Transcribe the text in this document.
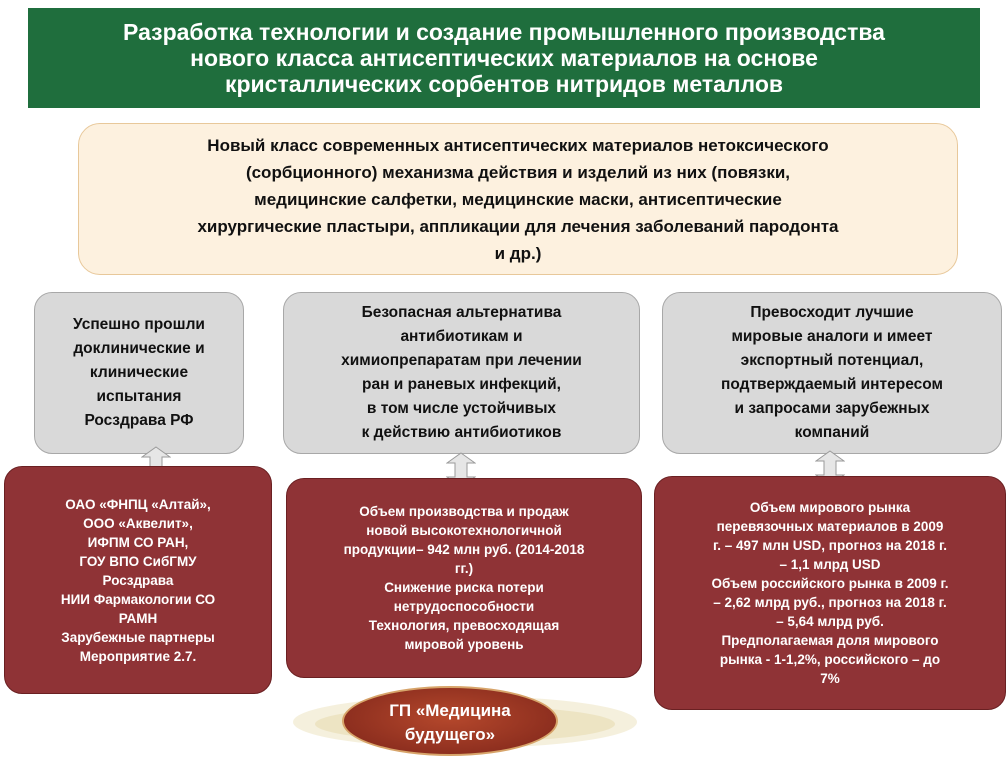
Разработка технологии и создание промышленного производства
нового класса антисептических материалов на основе
кристаллических сорбентов нитридов металлов
Новый класс современных антисептических материалов нетоксического
(сорбционного) механизма действия и изделий из них (повязки,
медицинские салфетки, медицинские маски, антисептические
хирургические пластыри, аппликации для лечения заболеваний пародонта
и др.)
Успешно прошли
доклинические и
клинические
испытания
Росздрава РФ
Безопасная альтернатива
антибиотикам и
химиопрепаратам при лечении
ран и раневых инфекций,
в том числе устойчивых
к действию антибиотиков
Превосходит лучшие
мировые аналоги и имеет
экспортный потенциал,
подтверждаемый интересом
и запросами зарубежных
компаний
ОАО «ФНПЦ «Алтай»,
ООО «Аквелит»,
ИФПМ СО РАН,
ГОУ ВПО СибГМУ
Росздрава
НИИ Фармакологии СО
РАМН
Зарубежные партнеры
Мероприятие 2.7.
Объем производства и продаж
новой высокотехнологичной
продукции– 942 млн руб. (2014-2018
гг.)
Снижение риска потери
нетрудоспособности
Технология, превосходящая
мировой уровень
Объем мирового рынка
перевязочных материалов в 2009
г. – 497 млн USD, прогноз на 2018 г.
– 1,1 млрд USD
Объем российского рынка в 2009 г.
– 2,62 млрд руб., прогноз на 2018 г.
– 5,64 млрд руб.
Предполагаемая доля мирового
рынка - 1-1,2%, российского – до
7%
ГП «Медицина
будущего»
